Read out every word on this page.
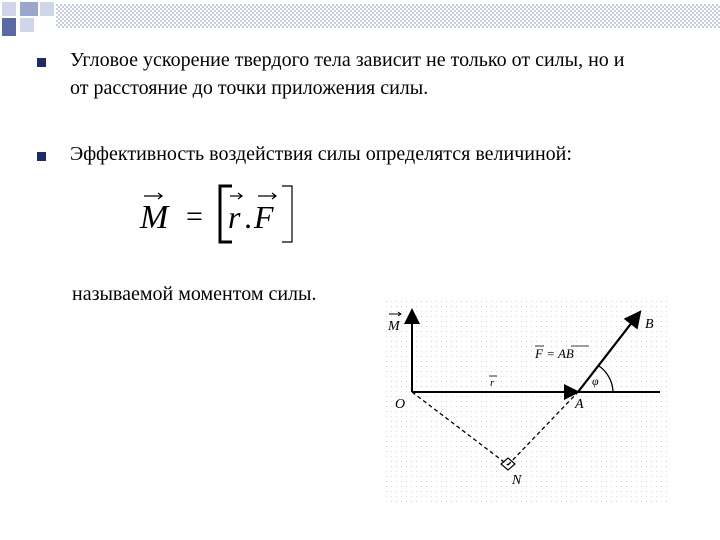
Угловое ускорение твердого тела зависит не только от силы, но и от расстояние до точки приложения силы.
Эффективность воздействия силы определятся величиной:
M = r . F
называемой моментом силы.
M
r	φ
O	A
B
N
F = AB
